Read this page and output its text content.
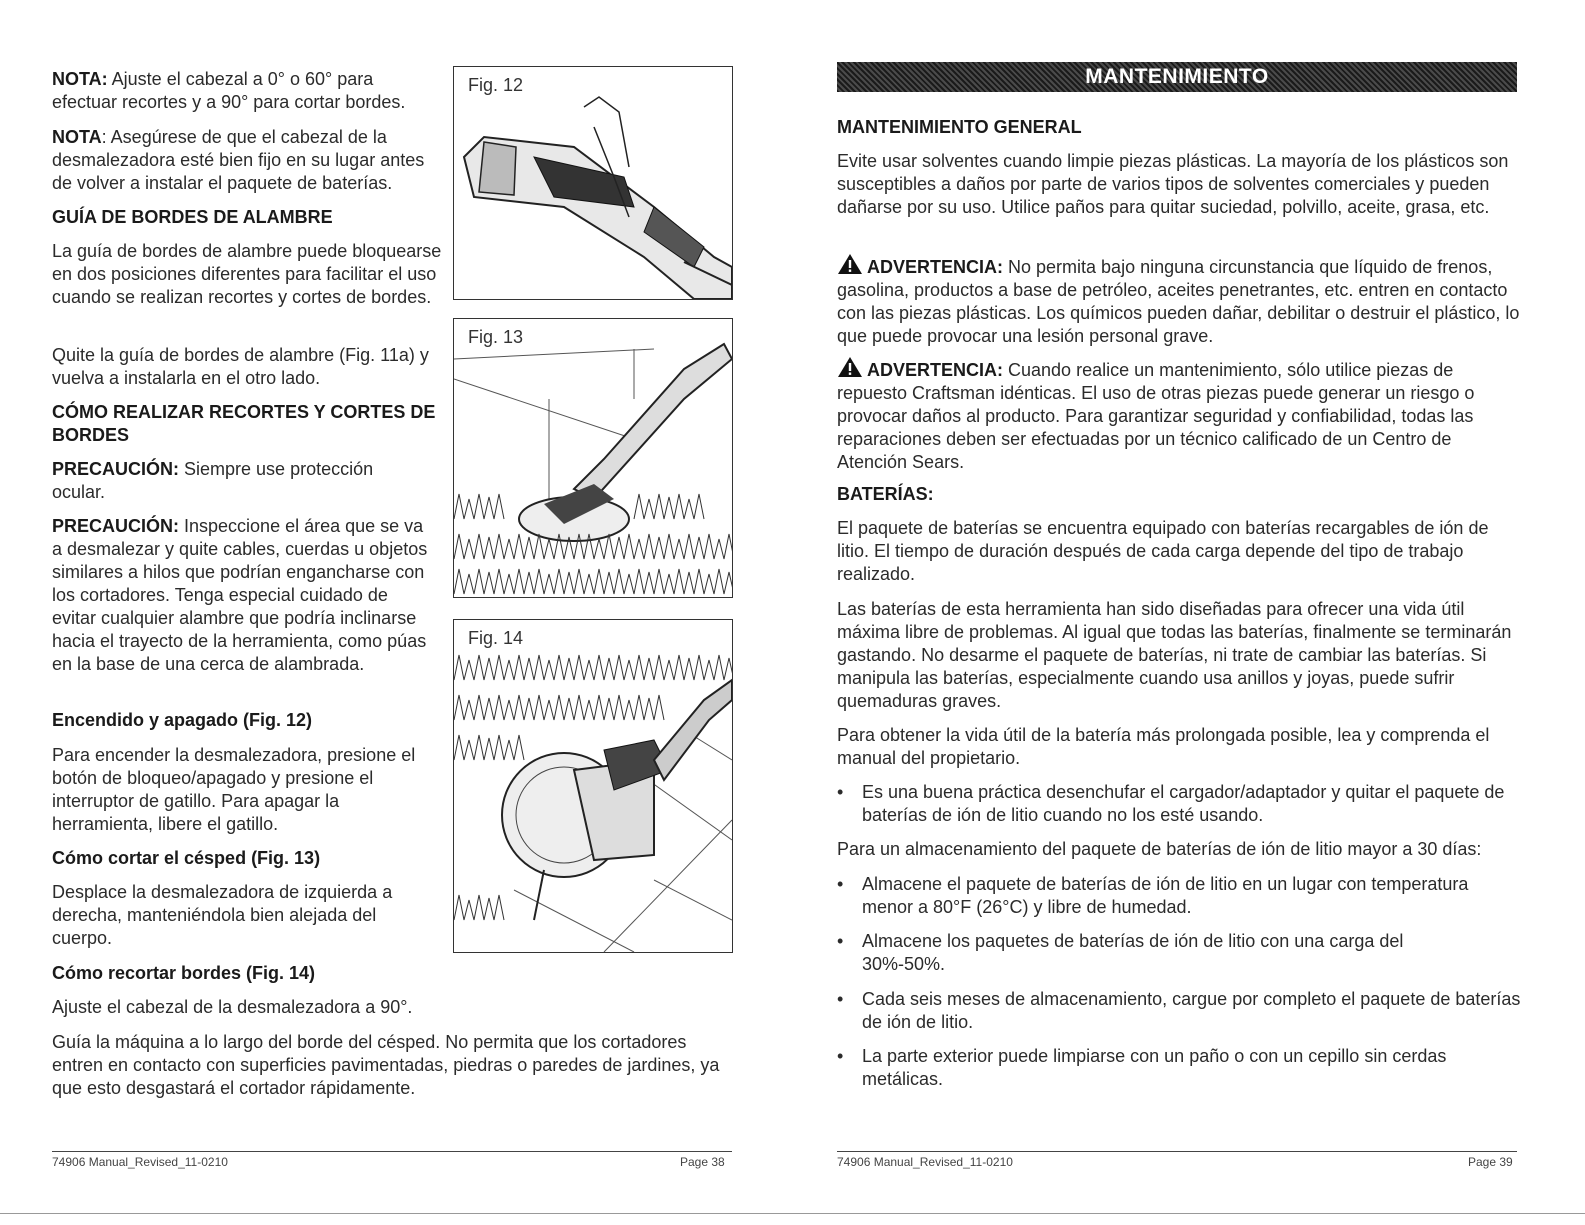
NOTA: Ajuste el cabezal a 0° o 60° para efectuar recortes y a 90° para cortar bordes.

NOTA: Asegúrese de que el cabezal de la desmalezadora esté bien fijo en su lugar antes de volver a instalar el paquete de baterías.

GUÍA DE BORDES DE ALAMBRE

La guía de bordes de alambre puede bloquearse en dos posiciones diferentes para facilitar el uso cuando se realizan recortes y cortes de bordes.

Quite la guía de bordes de alambre (Fig. 11a) y vuelva a instalarla en el otro lado.

CÓMO REALIZAR RECORTES Y CORTES DE BORDES

PRECAUCIÓN: Siempre use protección ocular.

PRECAUCIÓN: Inspeccione el área que se va a desmalezar y quite cables, cuerdas u objetos similares a hilos que podrían engancharse con los cortadores. Tenga especial cuidado de evitar cualquier alambre que podría inclinarse hacia el trayecto de la herramienta, como púas en la base de una cerca de alambrada.

Encendido y apagado (Fig. 12)

Para encender la desmalezadora, presione el botón de bloqueo/apagado y presione el interruptor de gatillo. Para apagar la herramienta, libere el gatillo.

Cómo cortar el césped (Fig. 13)

Desplace la desmalezadora de izquierda a derecha, manteniéndola bien alejada del cuerpo.

Cómo recortar bordes (Fig. 14)

Ajuste el cabezal de la desmalezadora a 90°.

Guía la máquina a lo largo del borde del césped. No permita que los cortadores entren en contacto con superficies pavimentadas, piedras o paredes de jardines, ya que esto desgastará el cortador rápidamente.

Fig. 12
Fig. 13
Fig. 14
74906 Manual_Revised_11-0210	Page 38
MANTENIMIENTO

MANTENIMIENTO GENERAL

Evite usar solventes cuando limpie piezas plásticas. La mayoría de los plásticos son susceptibles a daños por parte de varios tipos de solventes comerciales y pueden dañarse por su uso. Utilice paños para quitar suciedad, polvillo, aceite, grasa, etc.

ADVERTENCIA: No permita bajo ninguna circunstancia que líquido de frenos, gasolina, productos a base de petróleo, aceites penetrantes, etc. entren en contacto con las piezas plásticas. Los químicos pueden dañar, debilitar o destruir el plástico, lo que puede provocar una lesión personal grave.

ADVERTENCIA: Cuando realice un mantenimiento, sólo utilice piezas de repuesto Craftsman idénticas. El uso de otras piezas puede generar un riesgo o provocar daños al producto. Para garantizar seguridad y confiabilidad, todas las reparaciones deben ser efectuadas por un técnico calificado de un Centro de Atención Sears.

BATERÍAS:

El paquete de baterías se encuentra equipado con baterías recargables de ión de litio. El tiempo de duración después de cada carga depende del tipo de trabajo realizado.

Las baterías de esta herramienta han sido diseñadas para ofrecer una vida útil máxima libre de problemas. Al igual que todas las baterías, finalmente se terminarán gastando. No desarme el paquete de baterías, ni trate de cambiar las baterías. Si manipula las baterías, especialmente cuando usa anillos y joyas, puede sufrir quemaduras graves.

Para obtener la vida útil de la batería más prolongada posible, lea y comprenda el manual del propietario.

• Es una buena práctica desenchufar el cargador/adaptador y quitar el paquete de baterías de ión de litio cuando no los esté usando.

Para un almacenamiento del paquete de baterías de ión de litio mayor a 30 días:

• Almacene el paquete de baterías de ión de litio en un lugar con temperatura menor a 80°F (26°C) y libre de humedad.
• Almacene los paquetes de baterías de ión de litio con una carga del 30%-50%.
• Cada seis meses de almacenamiento, cargue por completo el paquete de baterías de ión de litio.
• La parte exterior puede limpiarse con un paño o con un cepillo sin cerdas metálicas.
74906 Manual_Revised_11-0210	Page 39
